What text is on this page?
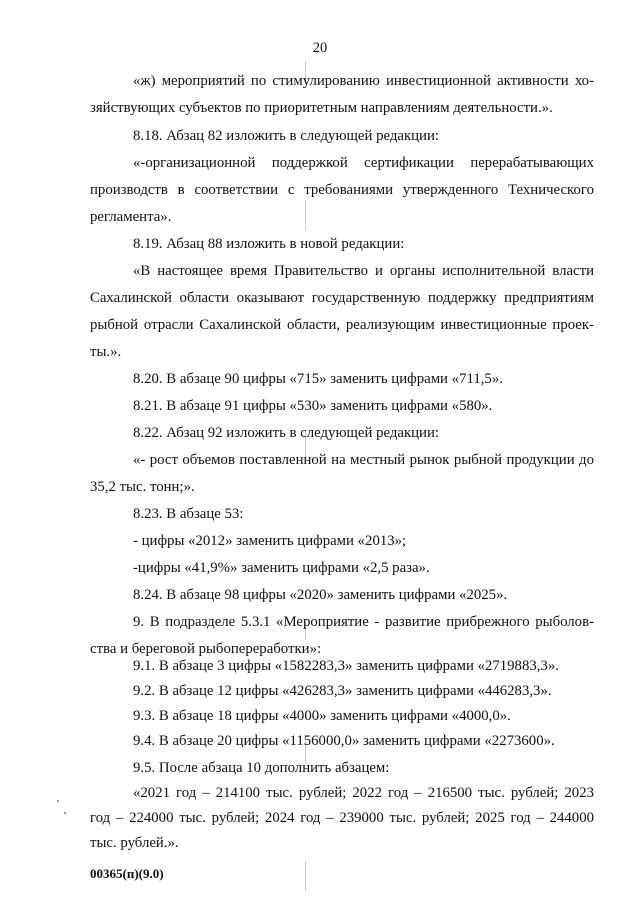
20
«ж) мероприятий по стимулированию инвестиционной активности хо-
зяйствующих субъектов по приоритетным направлениям деятельности.».
8.18. Абзац 82 изложить в следующей редакции:
«-организационной поддержкой сертификации перерабатывающих
производств в соответствии с требованиями утвержденного Технического
регламента».
8.19. Абзац 88 изложить в новой редакции:
«В настоящее время Правительство и органы исполнительной власти
Сахалинской области оказывают государственную поддержку предприятиям
рыбной отрасли Сахалинской области, реализующим инвестиционные проек-
ты.».
8.20. В абзаце 90 цифры «715» заменить цифрами «711,5».
8.21. В абзаце 91 цифры «530» заменить цифрами «580».
8.22. Абзац 92 изложить в следующей редакции:
«- рост объемов поставленной на местный рынок рыбной продукции до
35,2 тыс. тонн;».
8.23. В абзаце 53:
- цифры «2012» заменить цифрами «2013»;
-цифры «41,9%» заменить цифрами «2,5 раза».
8.24. В абзаце 98 цифры «2020» заменить цифрами «2025».
9. В подразделе 5.3.1 «Мероприятие - развитие прибрежного рыболов-
ства и береговой рыбопереработки»:
9.1. В абзаце 3 цифры «1582283,3» заменить цифрами «2719883,3».
9.2. В абзаце 12 цифры «426283,3» заменить цифрами «446283,3».
9.3. В абзаце 18 цифры «4000» заменить цифрами «4000,0».
9.4. В абзаце 20 цифры «1156000,0» заменить цифрами «2273600».
9.5. После абзаца 10 дополнить абзацем:
«2021 год – 214100 тыс. рублей; 2022 год – 216500 тыс. рублей; 2023
год – 224000 тыс. рублей; 2024 год – 239000 тыс. рублей; 2025 год – 244000
00365(п)(9.0)
тыс. рублей.».
